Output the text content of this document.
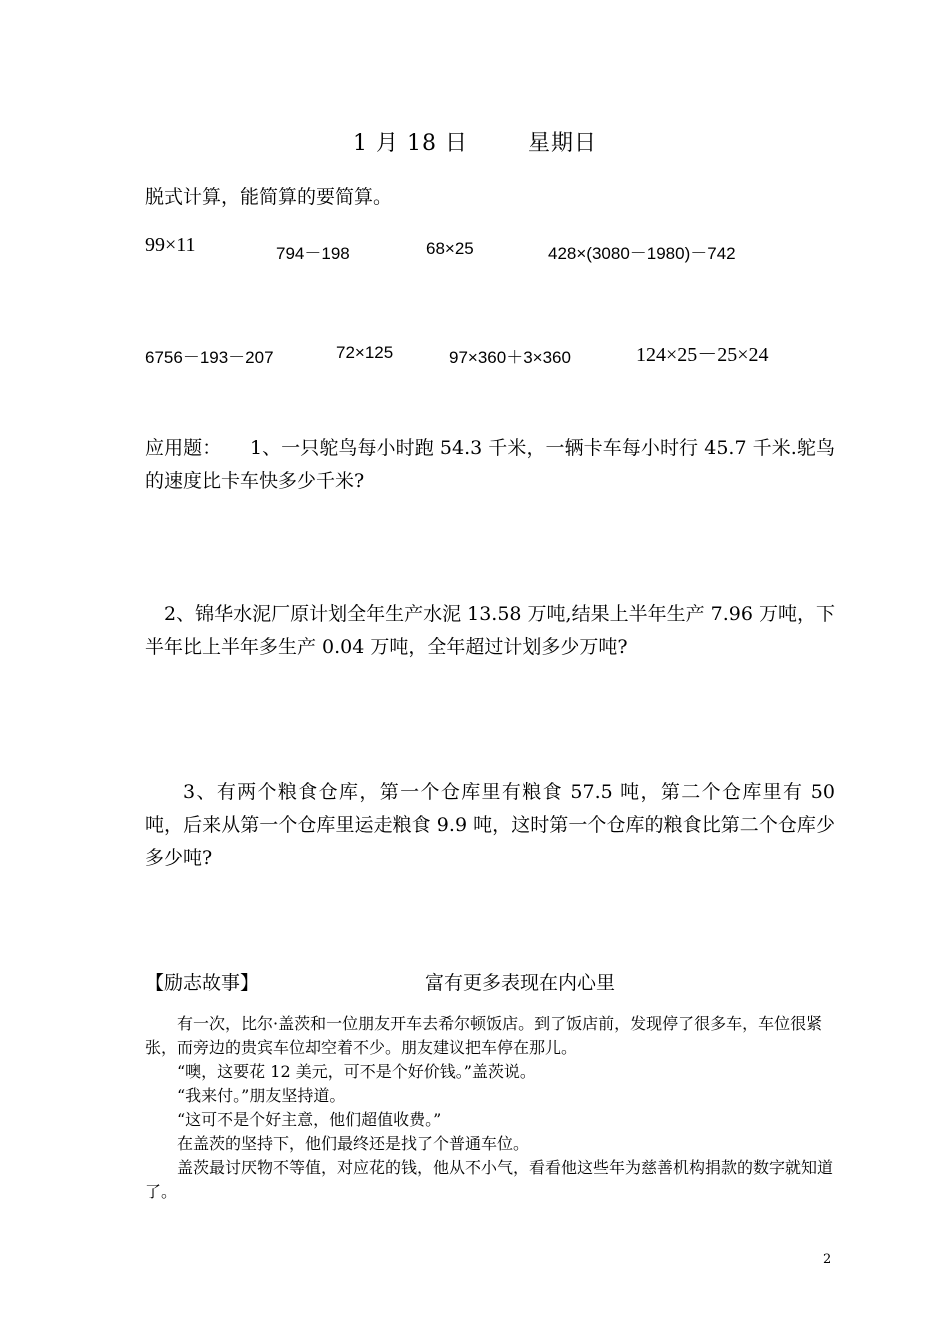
1 月 18 日	星期日
脱式计算，能简算的要简算。
99×11	794－198	68×25	428×(3080－1980)－742
6756－193－207	72×125	97×360＋3×360	124×25－25×24
应用题：　　1、一只鸵鸟每小时跑 54.3 千米，一辆卡车每小时行 45.7 千米.鸵鸟的速度比卡车快多少千米?
2、锦华水泥厂原计划全年生产水泥 13.58 万吨,结果上半年生产 7.96 万吨，下半年比上半年多生产 0.04 万吨，全年超过计划多少万吨?
3、有两个粮食仓库，第一个仓库里有粮食 57.5 吨，第二个仓库里有 50 吨，后来从第一个仓库里运走粮食 9.9 吨，这时第一个仓库的粮食比第二个仓库少多少吨?
【励志故事】	富有更多表现在内心里

有一次，比尔·盖茨和一位朋友开车去希尔顿饭店。到了饭店前，发现停了很多车，车位很紧张，而旁边的贵宾车位却空着不少。朋友建议把车停在那儿。

“噢，这要花 12 美元，可不是个好价钱。”盖茨说。

“我来付。”朋友坚持道。

“这可不是个好主意，他们超值收费。”

在盖茨的坚持下，他们最终还是找了个普通车位。

盖茨最讨厌物不等值，对应花的钱，他从不小气，看看他这些年为慈善机构捐款的数字就知道了。

2
